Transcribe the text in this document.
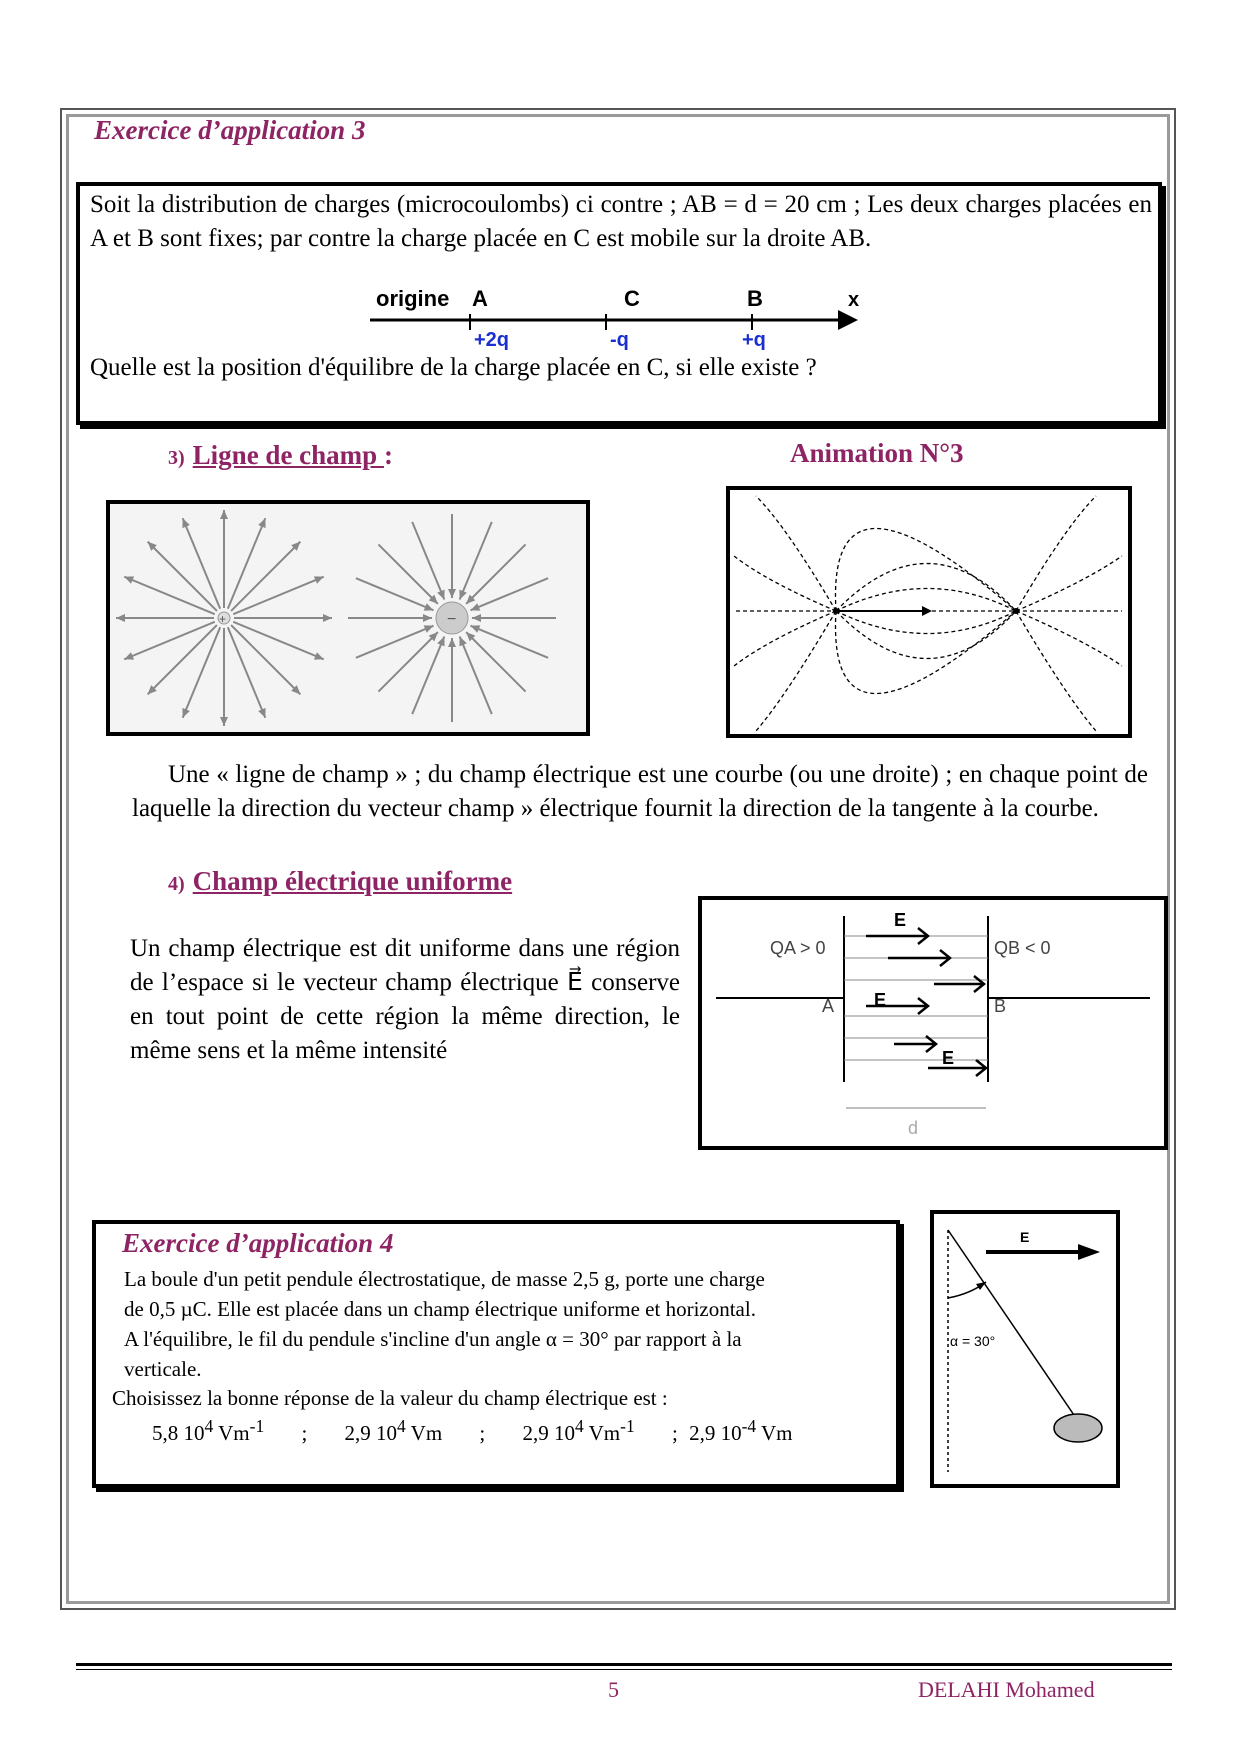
Exercice d’application 3
Soit la distribution de charges (microcoulombs) ci contre ; AB = d = 20 cm ; Les deux charges placées en A et B sont fixes; par contre la charge placée en C est mobile sur la droite AB.
origine A	C	B	x
+2q	-q	+q
Quelle est la position d'équilibre de la charge placée en C, si elle existe ?
3) Ligne de champ :	Animation N°3
+	−
Une « ligne de champ » ; du champ électrique est une courbe (ou une droite) ; en chaque point de laquelle la direction du vecteur champ » électrique fournit la direction de la tangente à la courbe.
4) Champ électrique uniforme
Un champ électrique est dit uniforme dans une région de l’espace si le vecteur champ électrique E⃗ conserve en tout point de cette région la même direction, le même sens et la même intensité
E
E
E
QA > 0	QB < 0
A	B
d
Exercice d’application 4
La boule d'un petit pendule électrostatique, de masse 2,5 g, porte une charge
de 0,5 µC. Elle est placée dans un champ électrique uniforme et horizontal.
A l'équilibre, le fil du pendule s'incline d'un angle α = 30° par rapport à la
verticale.
Choisissez la bonne réponse de la valeur du champ électrique est :
5,8 $10^4$ $Vm^{-1}$ ; 2,9 $10^4$ Vm ; 2,9 $10^4$ $Vm^{-1}$ ; 2,9 $10^{-4}$ Vm
E
α = 30°
5	DELAHI Mohamed
